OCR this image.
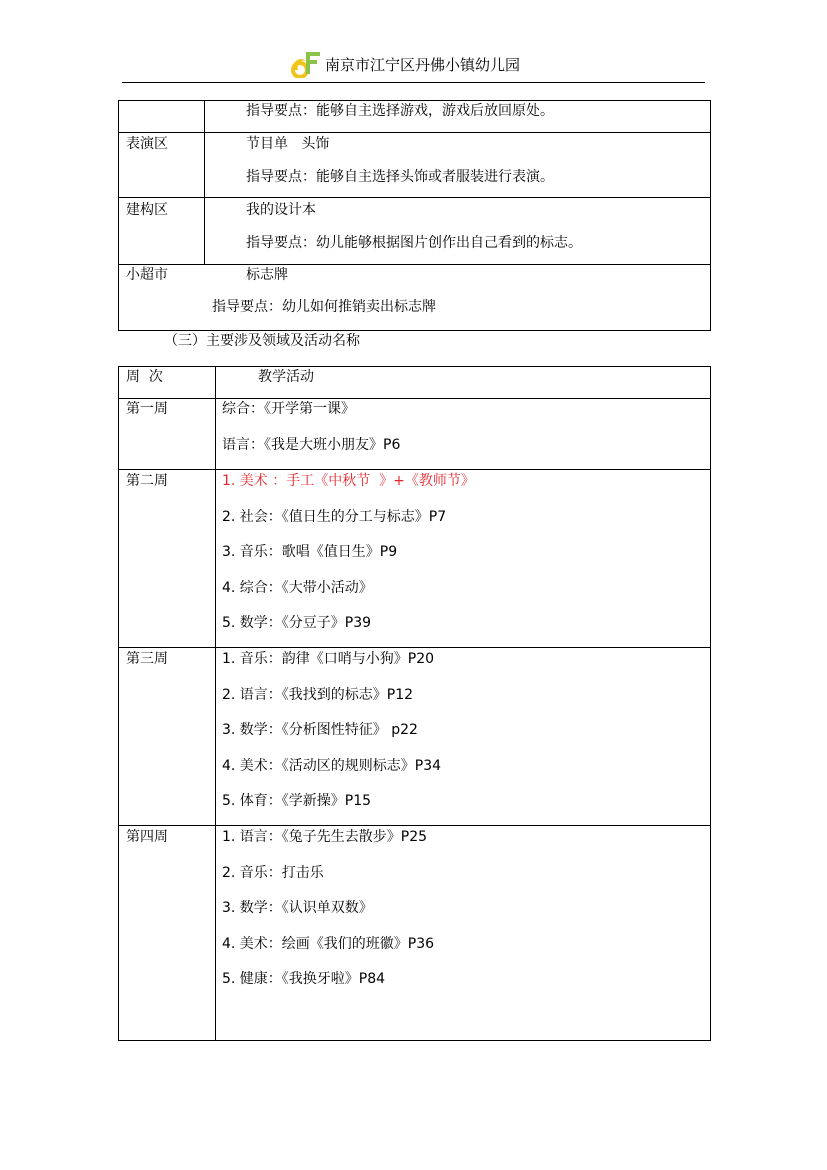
南京市江宁区丹佛小镇幼儿园
指导要点：能够自主选择游戏，游戏后放回原处。
表演区	节目单   头饰
指导要点：能够自主选择头饰或者服装进行表演。
建构区	我的设计本
指导要点：幼儿能够根据图片创作出自己看到的标志。
小超市	标志牌
指导要点：幼儿如何推销卖出标志牌
（三）主要涉及领域及活动名称
周  次	教学活动
第一周	综合：《开学第一课》
语言：《我是大班小朋友》P6
第二周	1. 美术 ：手工《中秋节  》+《教师节》
2. 社会：《值日生的分工与标志》P7
3. 音乐：歌唱《值日生》P9
4. 综合：《大带小活动》
5. 数学：《分豆子》P39
第三周	1. 音乐：韵律《口哨与小狗》P20
2. 语言：《我找到的标志》P12
3. 数学：《分析图性特征》 p22
4. 美术：《活动区的规则标志》P34
5. 体育：《学新操》P15
第四周	1. 语言：《兔子先生去散步》P25
2. 音乐：打击乐
3. 数学：《认识单双数》
4. 美术：绘画《我们的班徽》P36
5. 健康：《我换牙啦》P84
